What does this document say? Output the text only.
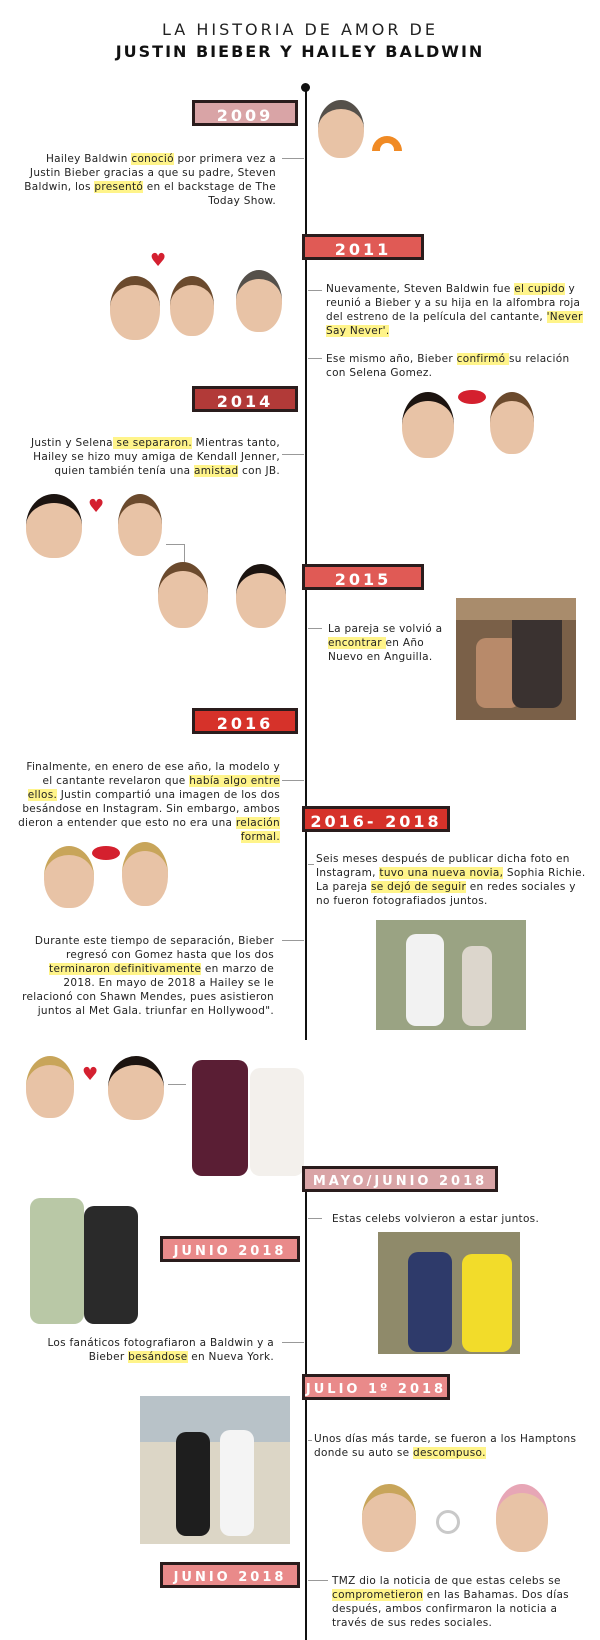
LA HISTORIA DE AMOR DE
JUSTIN BIEBER Y HAILEY BALDWIN
2009
Hailey Baldwin conoció por primera vez a Justin Bieber gracias a que su padre, Steven Baldwin, los presentó en el backstage de The Today Show.
2011
♥
Nuevamente, Steven Baldwin fue el cupido y reunió a Bieber y a su hija en la alfombra roja del estreno de la película del cantante, 'Never Say Never'.
Ese mismo año, Bieber confirmó su relación con Selena Gomez.
2014
Justin y Selena se separaron. Mientras tanto, Hailey se hizo muy amiga de Kendall Jenner, quien también tenía una amistad con JB.
♥
2015
La pareja se volvió a encontrar en Año Nuevo en Anguilla.
2016
Finalmente, en enero de ese año, la modelo y el cantante revelaron que había algo entre ellos. Justin compartió una imagen de los dos besándose en Instagram. Sin embargo, ambos dieron a entender que esto no era una relación formal.
2016- 2018
Seis meses después de publicar dicha foto en Instagram, tuvo una nueva novia, Sophia Richie. La pareja se dejó de seguir en redes sociales y no fueron fotografiados juntos.
Durante este tiempo de separación, Bieber regresó con Gomez hasta que los dos terminaron definitivamente en marzo de 2018. En mayo de 2018 a Hailey se le relacionó con Shawn Mendes, pues asistieron juntos al Met Gala. triunfar en Hollywood".
♥
MAYO/JUNIO 2018
Estas celebs volvieron a estar juntos.
JUNIO 2018
Los fanáticos fotografiaron a Baldwin y a Bieber besándose en Nueva York.
JULIO 1º 2018
Unos días más tarde, se fueron a los Hamptons donde su auto se descompuso.
JUNIO 2018	TMZ dio la noticia de que estas celebs se comprometieron en las Bahamas. Dos días después, ambos confirmaron la noticia a través de sus redes sociales.
